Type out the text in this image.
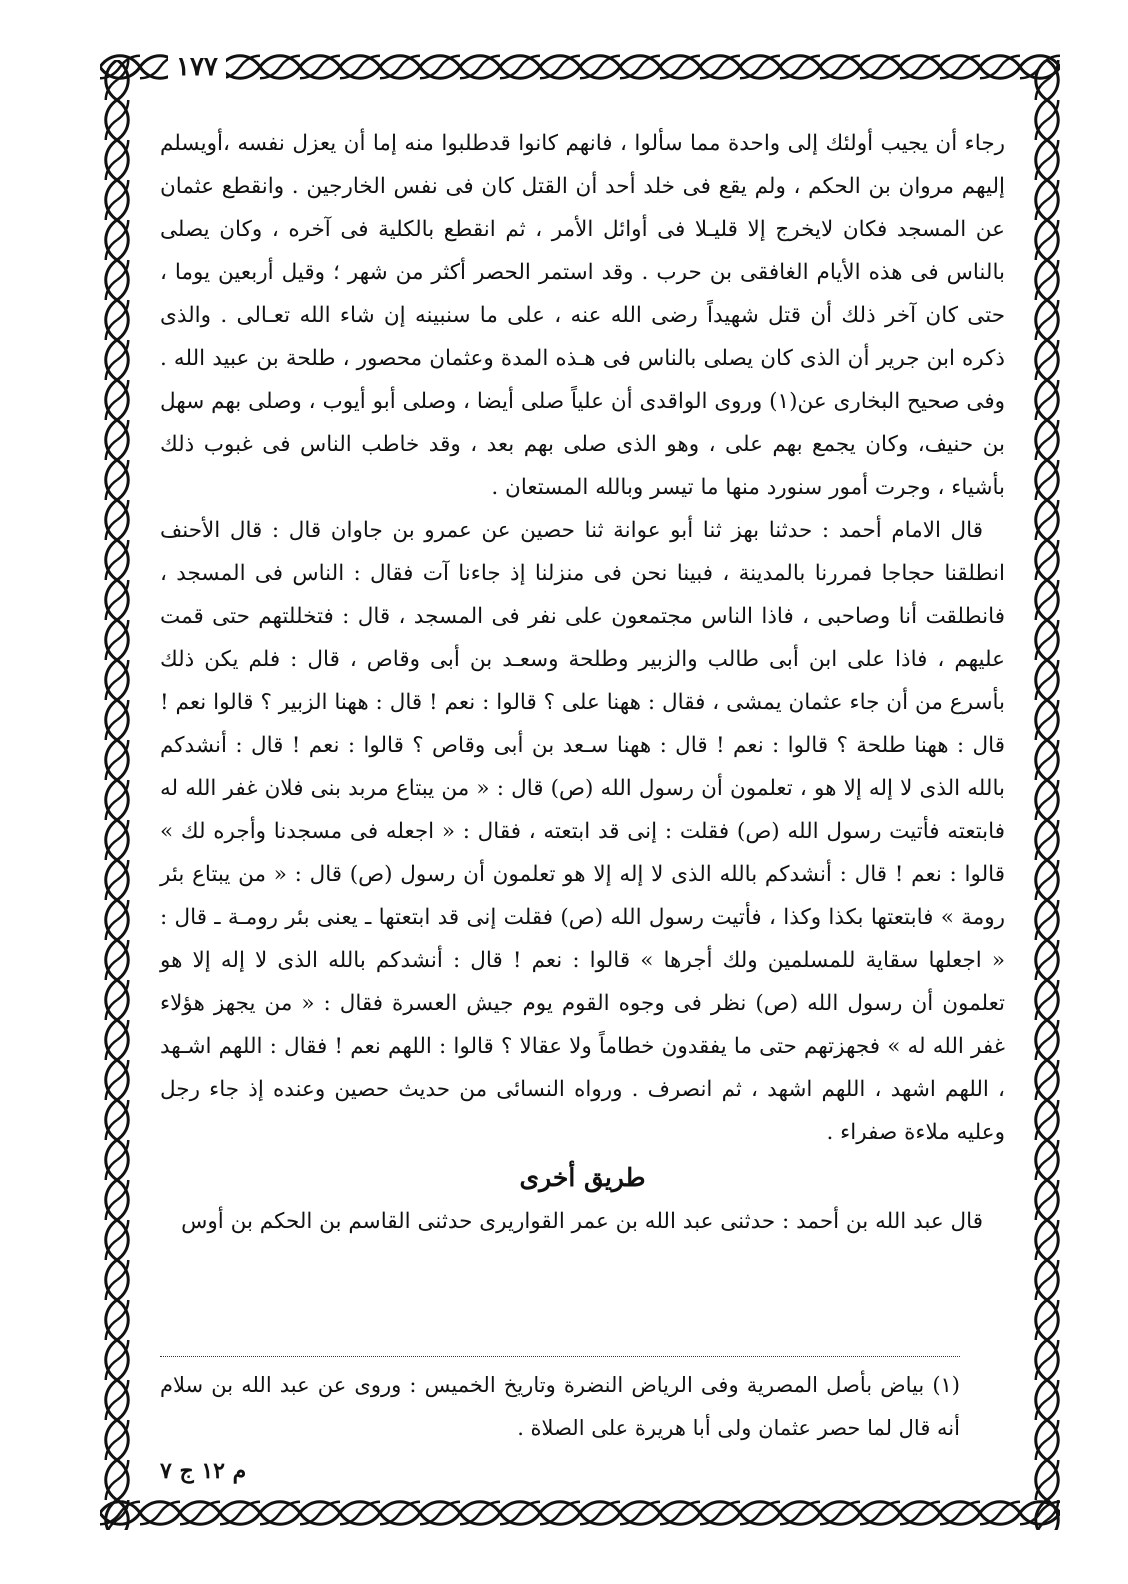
١٧٧

رجاء أن يجيب أولئك إلى واحدة مما سألوا ، فانهم كانوا قدطلبوا منه إما أن يعزل نفسه ،أويسلم إليهم مروان بن الحكم ، ولم يقع فى خلد أحد أن القتل كان فى نفس الخارجين . وانقطع عثمان عن المسجد فكان لايخرج إلا قليـلا فى أوائل الأمر ، ثم انقطع بالكلية فى آخره ، وكان يصلى بالناس فى هذه الأيام الغافقى بن حرب . وقد استمر الحصر أكثر من شهر ؛ وقيل أربعين يوما ، حتى كان آخر ذلك أن قتل شهيداً رضى الله عنه ، على ما سنبينه إن شاء الله تعـالى . والذى ذكره ابن جرير أن الذى كان يصلى بالناس فى هـذه المدة وعثمان محصور ، طلحة بن عبيد الله . وفى صحيح البخارى عن(١) وروى الواقدى أن علياً صلى أيضا ، وصلى أبو أيوب ، وصلى بهم سهل بن حنيف، وكان يجمع بهم على ، وهو الذى صلى بهم بعد ، وقد خاطب الناس فى غبوب ذلك بأشياء ، وجرت أمور سنورد منها ما تيسر وبالله المستعان .

قال الامام أحمد : حدثنا بهز ثنا أبو عوانة ثنا حصين عن عمرو بن جاوان قال : قال الأحنف انطلقنا حجاجا فمررنا بالمدينة ، فبينا نحن فى منزلنا إذ جاءنا آت فقال : الناس فى المسجد ، فانطلقت أنا وصاحبى ، فاذا الناس مجتمعون على نفر فى المسجد ، قال : فتخللتهم حتى قمت عليهم ، فاذا على ابن أبى طالب والزبير وطلحة وسعـد بن أبى وقاص ، قال : فلم يكن ذلك بأسرع من أن جاء عثمان يمشى ، فقال : ههنا على ؟ قالوا : نعم ! قال : ههنا الزبير ؟ قالوا نعم ! قال : ههنا طلحة ؟ قالوا : نعم ! قال : ههنا سـعد بن أبى وقاص ؟ قالوا : نعم ! قال : أنشدكم بالله الذى لا إله إلا هو ، تعلمون أن رسول الله (ص) قال : « من يبتاع مربد بنى فلان غفر الله له فابتعته فأتيت رسول الله (ص) فقلت : إنى قد ابتعته ، فقال : « اجعله فى مسجدنا وأجره لك » قالوا : نعم ! قال : أنشدكم بالله الذى لا إله إلا هو تعلمون أن رسول (ص) قال : « من يبتاع بئر رومة » فابتعتها بكذا وكذا ، فأتيت رسول الله (ص) فقلت إنى قد ابتعتها ـ يعنى بئر رومـة ـ قال : « اجعلها سقاية للمسلمين ولك أجرها » قالوا : نعم ! قال : أنشدكم بالله الذى لا إله إلا هو تعلمون أن رسول الله (ص) نظر فى وجوه القوم يوم جيش العسرة فقال : « من يجهز هؤلاء غفر الله له » فجهزتهم حتى ما يفقدون خطاماً ولا عقالا ؟ قالوا : اللهم نعم ! فقال : اللهم اشـهد ، اللهم اشهد ، اللهم اشهد ، ثم انصرف . ورواه النسائى من حديث حصين وعنده إذ جاء رجل وعليه ملاءة صفراء .

طريق أخرى

قال عبد الله بن أحمد : حدثنى عبد الله بن عمر القواريرى حدثنى القاسم بن الحكم بن أوس

(١) بياض بأصل المصرية وفى الرياض النضرة وتاريخ الخميس : وروى عن عبد الله بن سلام أنه قال لما حصر عثمان ولى أبا هريرة على الصلاة .

م ١٢ ج ٧
